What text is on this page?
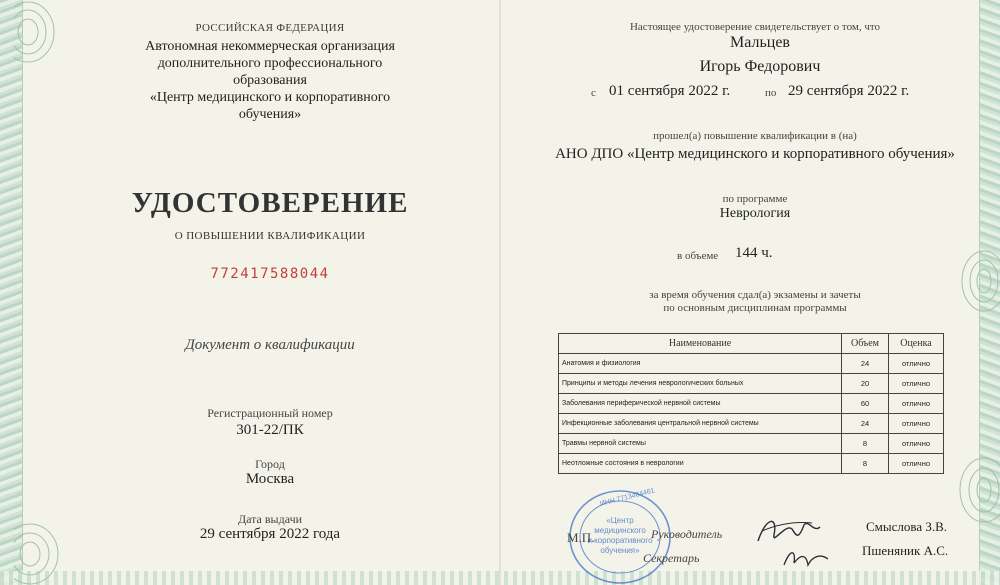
РОССИЙСКАЯ ФЕДЕРАЦИЯ
Автономная некоммерческая организация
дополнительного профессионального
образования
«Центр медицинского и корпоративного
обучения»
УДОСТОВЕРЕНИЕ
О ПОВЫШЕНИИ КВАЛИФИКАЦИИ
772417588044
Документ о квалификации
Регистрационный номер
301-22/ПК
Город
Москва
Дата выдачи
29 сентября 2022 года
Настоящее удостоверение свидетельствует о том, что
Мальцев
Игорь Федорович
с 01 сентября 2022 г.	по 29 сентября 2022 г.
прошел(а) повышение квалификации в (на)
АНО ДПО «Центр медицинского и корпоративного обучения»
по программе
Неврология
в объеме 144 ч.
за время обучения сдал(а) экзамены и зачеты
по основным дисциплинам программы
Наименование	Объем	Оценка
Анатомия и физиология	24	отлично
Принципы и методы лечения неврологических больных	20	отлично
Заболевания периферической нервной системы	60	отлично
Инфекционные заболевания центральной нервной системы	24	отлично
Травмы нервной системы	8	отлично
Неотложные состояния в неврологии	8	отлично
ИНН 7713484461
«Центр
медицинского
и корпоративного
обучения»
М.П.	Руководитель
Секретарь
Смыслова З.В.
Пшеняник А.С.
